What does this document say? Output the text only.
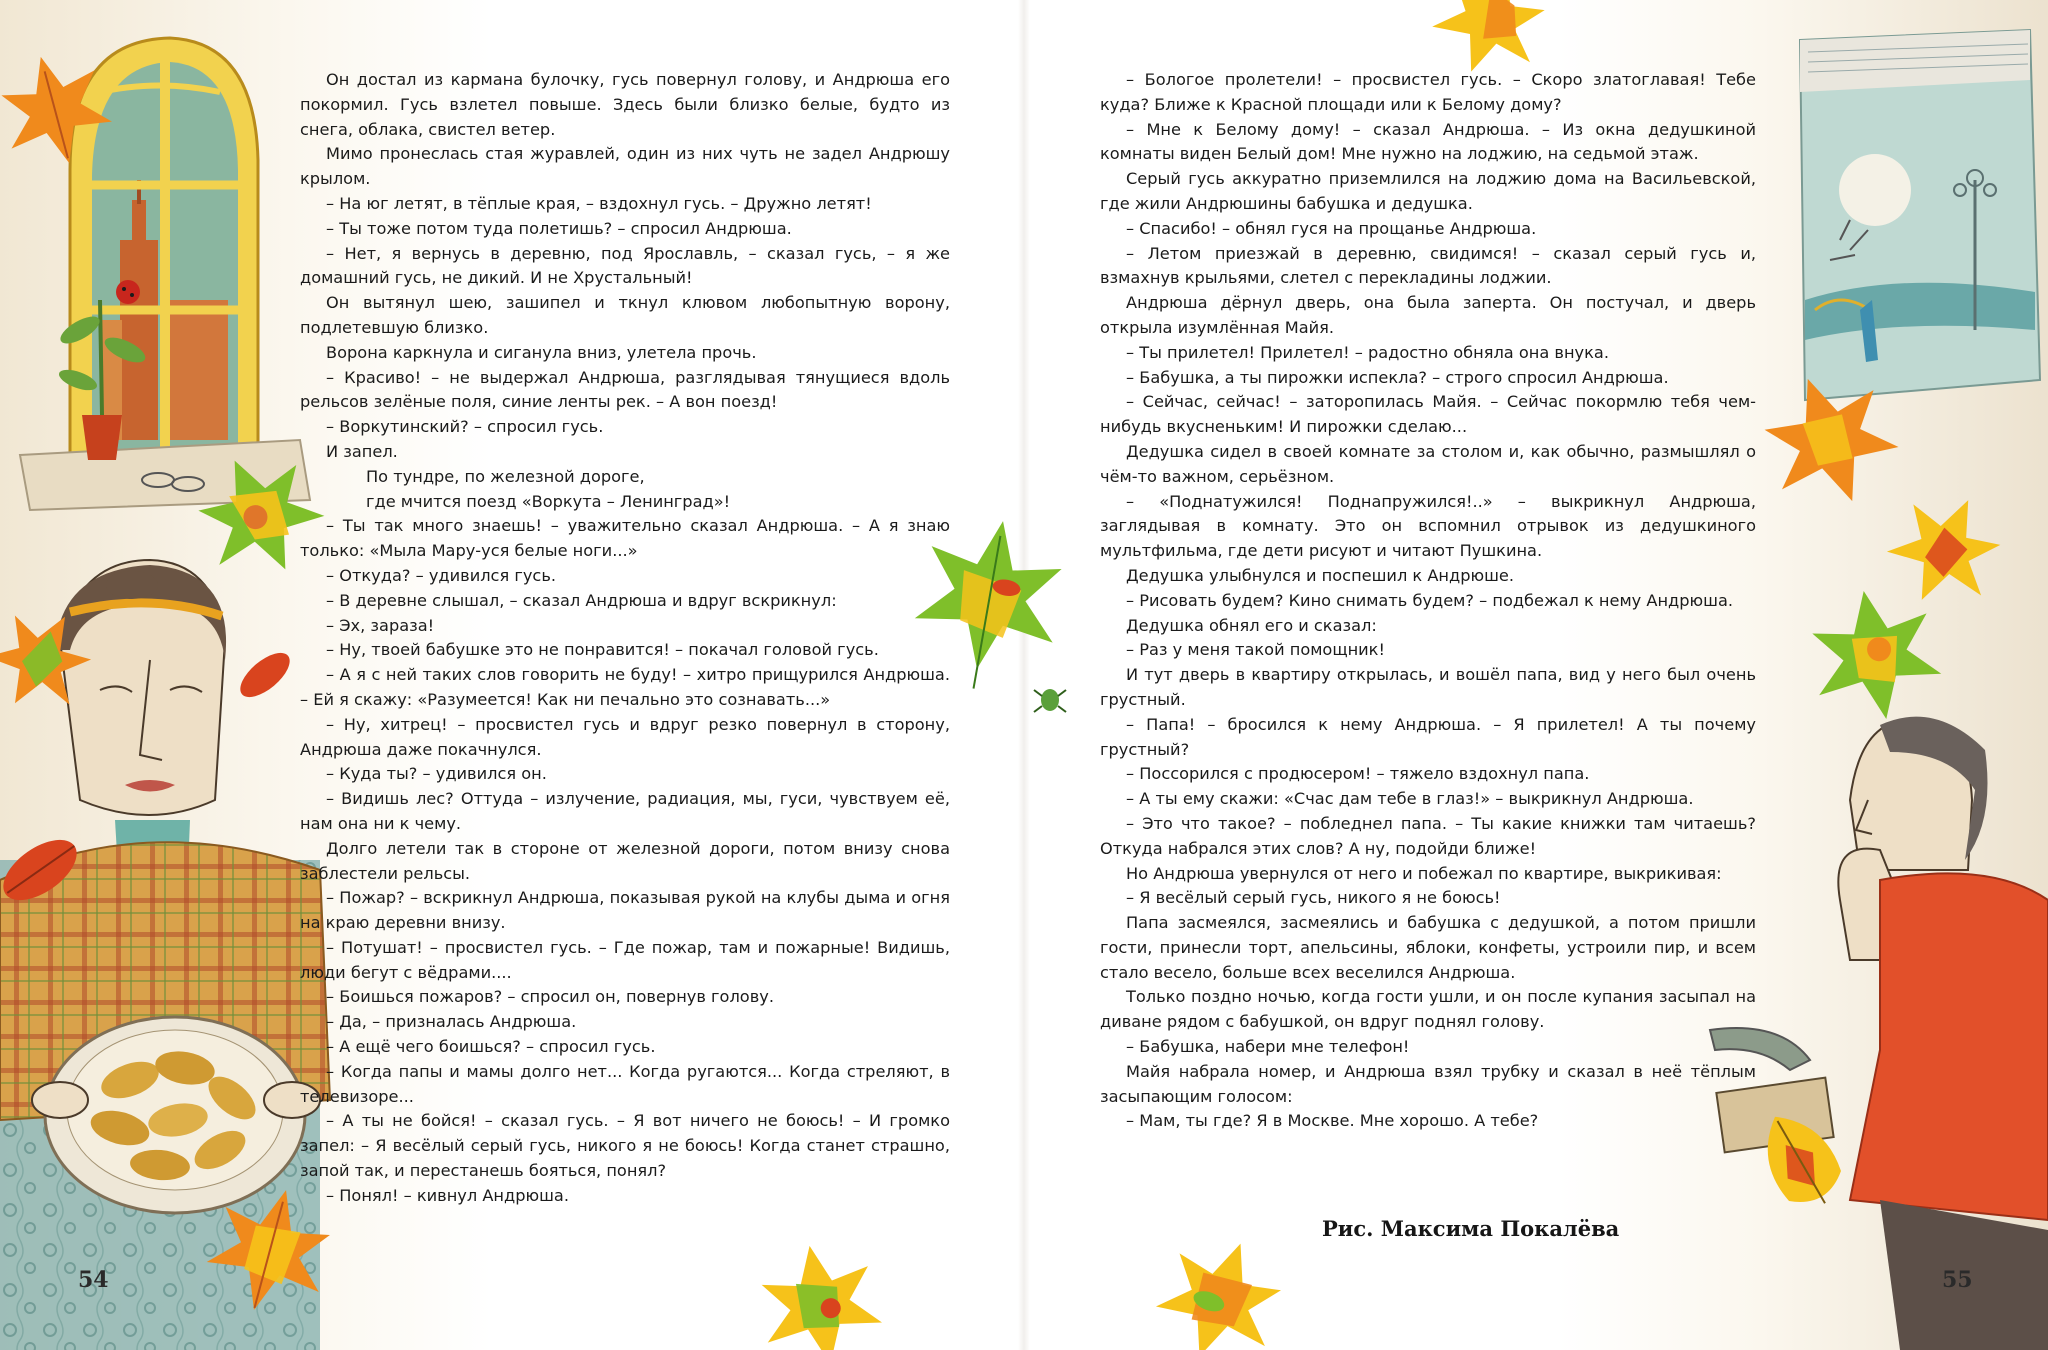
Он достал из кармана булочку, гусь повернул голову, и Андрюша его покормил. Гусь взлетел повыше. Здесь были близко белые, будто из снега, облака, свистел ветер.

Мимо пронеслась стая журавлей, один из них чуть не задел Андрюшу крылом.

– На юг летят, в тёплые края, – вздохнул гусь. – Дружно летят!

– Ты тоже потом туда полетишь? – спросил Андрюша.

– Нет, я вернусь в деревню, под Ярославль, – сказал гусь, – я же домашний гусь, не дикий. И не Хрустальный!

Он вытянул шею, зашипел и ткнул клювом любопытную ворону, подлетевшую близко.

Ворона каркнула и сиганула вниз, улетела прочь.

– Красиво! – не выдержал Андрюша, разглядывая тянущиеся вдоль рельсов зелёные поля, синие ленты рек. – А вон поезд!

– Воркутинский? – спросил гусь.

И запел.

По тундре, по железной дороге,

где мчится поезд «Воркута – Ленинград»!

– Ты так много знаешь! – уважительно сказал Андрюша. – А я знаю только: «Мыла Мару-уся белые ноги...»

– Откуда? – удивился гусь.

– В деревне слышал, – сказал Андрюша и вдруг вскрикнул:

– Эх, зараза!

– Ну, твоей бабушке это не понравится! – покачал головой гусь.

– А я с ней таких слов говорить не буду! – хитро прищурился Андрюша. – Ей я скажу: «Разумеется! Как ни печально это сознавать...»

– Ну, хитрец! – просвистел гусь и вдруг резко повернул в сторону, Андрюша даже покачнулся.

– Куда ты? – удивился он.

– Видишь лес? Оттуда – излучение, радиация, мы, гуси, чувствуем её, нам она ни к чему.

Долго летели так в стороне от железной дороги, потом внизу снова заблестели рельсы.

– Пожар? – вскрикнул Андрюша, показывая рукой на клубы дыма и огня на краю деревни внизу.

– Потушат! – просвистел гусь. – Где пожар, там и пожарные! Видишь, люди бегут с вёдрами....

– Боишься пожаров? – спросил он, повернув голову.

– Да, – призналась Андрюша.

– А ещё чего боишься? – спросил гусь.

– Когда папы и мамы долго нет... Когда ругаются... Когда стреляют, в телевизоре...

– А ты не бойся! – сказал гусь. – Я вот ничего не боюсь! – И громко запел: – Я весёлый серый гусь, никого я не боюсь! Когда станет страшно, запой так, и перестанешь бояться, понял?

– Понял! – кивнул Андрюша.

– Бологое пролетели! – просвистел гусь. – Скоро златоглавая! Тебе куда? Ближе к Красной площади или к Белому дому?

– Мне к Белому дому! – сказал Андрюша. – Из окна дедушкиной комнаты виден Белый дом! Мне нужно на лоджию, на седьмой этаж.

Серый гусь аккуратно приземлился на лоджию дома на Васильевской, где жили Андрюшины бабушка и дедушка.

– Спасибо! – обнял гуся на прощанье Андрюша.

– Летом приезжай в деревню, свидимся! – сказал серый гусь и, взмахнув крыльями, слетел с перекладины лоджии.

Андрюша дёрнул дверь, она была заперта. Он постучал, и дверь открыла изумлённая Майя.

– Ты прилетел! Прилетел! – радостно обняла она внука.

– Бабушка, а ты пирожки испекла? – строго спросил Андрюша.

– Сейчас, сейчас! – заторопилась Майя. – Сейчас покормлю тебя чем-нибудь вкусненьким! И пирожки сделаю...

Дедушка сидел в своей комнате за столом и, как обычно, размышлял о чём-то важном, серьёзном.

– «Поднатужился! Поднапружился!..» – выкрикнул Андрюша, заглядывая в комнату. Это он вспомнил отрывок из дедушкиного мультфильма, где дети рисуют и читают Пушкина.

Дедушка улыбнулся и поспешил к Андрюше.

– Рисовать будем? Кино снимать будем? – подбежал к нему Андрюша.

Дедушка обнял его и сказал:

– Раз у меня такой помощник!

И тут дверь в квартиру открылась, и вошёл папа, вид у него был очень грустный.

– Папа! – бросился к нему Андрюша. – Я прилетел! А ты почему грустный?

– Поссорился с продюсером! – тяжело вздохнул папа.

– А ты ему скажи: «Счас дам тебе в глаз!» – выкрикнул Андрюша.

– Это что такое? – побледнел папа. – Ты какие книжки там читаешь? Откуда набрался этих слов? А ну, подойди ближе!

Но Андрюша увернулся от него и побежал по квартире, выкрикивая:

– Я весёлый серый гусь, никого я не боюсь!

Папа засмеялся, засмеялись и бабушка с дедушкой, а потом пришли гости, принесли торт, апельсины, яблоки, конфеты, устроили пир, и всем стало весело, больше всех веселился Андрюша.

Только поздно ночью, когда гости ушли, и он после купания засыпал на диване рядом с бабушкой, он вдруг поднял голову.

– Бабушка, набери мне телефон!

Майя набрала номер, и Андрюша взял трубку и сказал в неё тёплым засыпающим голосом:

– Мам, ты где? Я в Москве. Мне хорошо. А тебе?

Рис. Максима Покалёва
54	55
